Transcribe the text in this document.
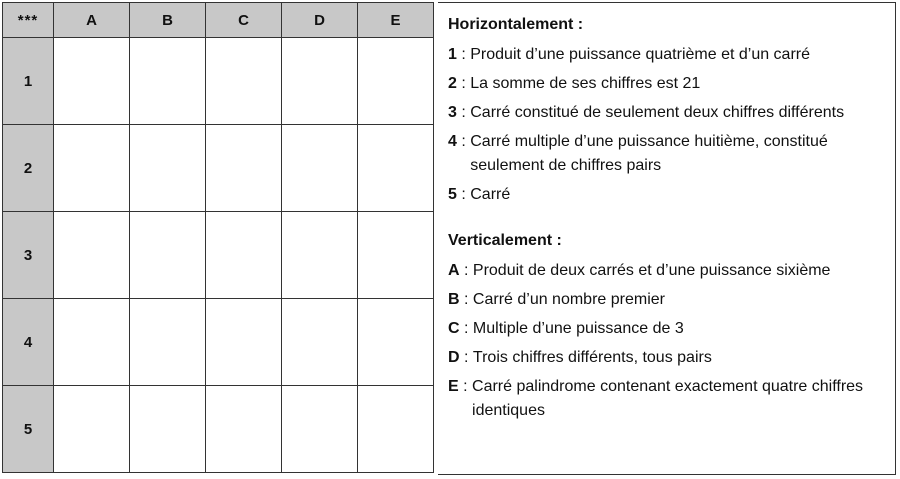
***	A	B	C	D	E
1					
2					
3					
4					
5					
Horizontalement :
1 : Produit d’une puissance quatrième et d’un carré
2 : La somme de ses chiffres est 21
3 : Carré constitué de seulement deux chiffres différents
4 : Carré multiple d’une puissance huitième, constitué seulement de chiffres pairs
5 : Carré
Verticalement :
A : Produit de deux carrés et d’une puissance sixième
B : Carré d’un nombre premier
C : Multiple d’une puissance de 3
D : Trois chiffres différents, tous pairs
E : Carré palindrome contenant exactement quatre chiffres identiques
